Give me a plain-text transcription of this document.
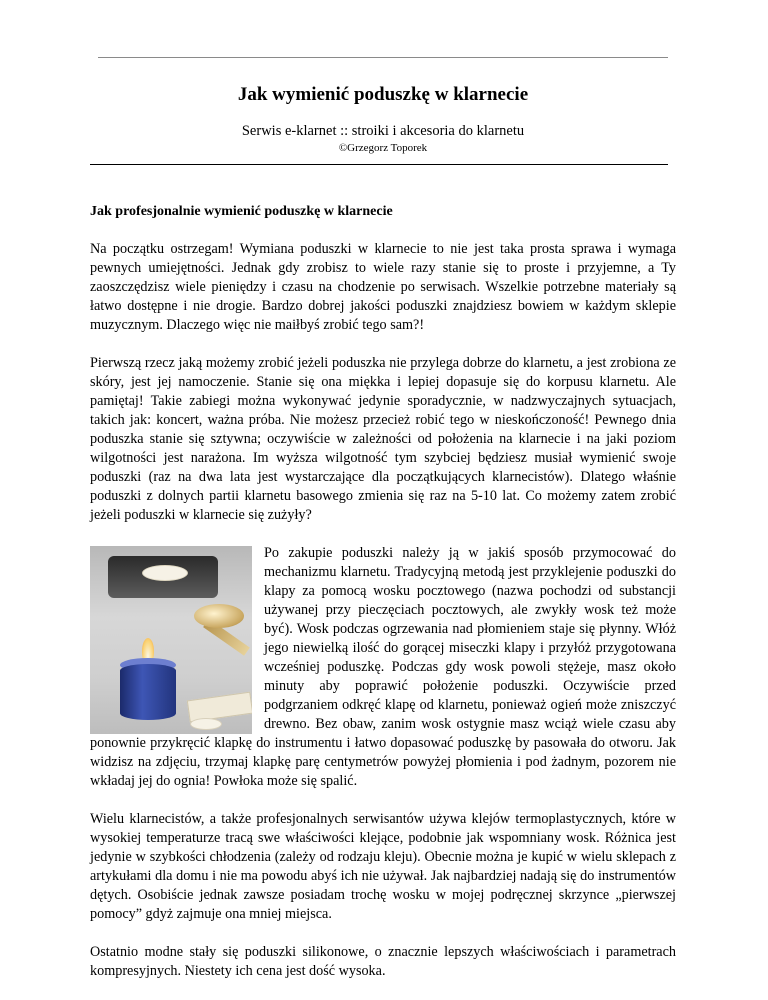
Jak wymienić poduszkę w klarnecie
Serwis e-klarnet :: stroiki i akcesoria do klarnetu
©Grzegorz Toporek

Jak profesjonalnie wymienić poduszkę w klarnecie

Na początku ostrzegam! Wymiana poduszki w klarnecie to nie jest taka prosta sprawa i wymaga pewnych umiejętności. Jednak gdy zrobisz to wiele razy stanie się to proste i przyjemne, a Ty zaoszczędzisz wiele pieniędzy i czasu na chodzenie po serwisach. Wszelkie potrzebne materiały są łatwo dostępne i nie drogie. Bardzo dobrej jakości poduszki znajdziesz bowiem w każdym sklepie muzycznym. Dlaczego więc nie maiłbyś zrobić tego sam?!

Pierwszą rzecz jaką możemy zrobić jeżeli poduszka nie przylega dobrze do klarnetu, a jest zrobiona ze skóry, jest jej namoczenie. Stanie się ona miękka i lepiej dopasuje się do korpusu klarnetu. Ale pamiętaj! Takie zabiegi można wykonywać jedynie sporadycznie, w nadzwyczajnych sytuacjach, takich jak: koncert, ważna próba. Nie możesz przecież robić tego w nieskończoność! Pewnego dnia poduszka stanie się sztywna; oczywiście w zależności od położenia na klarnecie i na jaki poziom wilgotności jest narażona. Im wyższa wilgotność tym szybciej będziesz musiał wymienić swoje poduszki (raz na dwa lata jest wystarczające dla początkujących klarnecistów). Dlatego właśnie poduszki z dolnych partii klarnetu basowego zmienia się raz na 5-10 lat. Co możemy zatem zrobić jeżeli poduszki w klarnecie się zużyły?

Po zakupie poduszki należy ją w jakiś sposób przymocować do mechanizmu klarnetu. Tradycyjną metodą jest przyklejenie poduszki do klapy za pomocą wosku pocztowego (nazwa pochodzi od substancji używanej przy pieczęciach pocztowych, ale zwykły wosk też może być). Wosk podczas ogrzewania nad płomieniem staje się płynny. Włóż jego niewielką ilość do gorącej miseczki klapy i przyłóż przygotowana wcześniej poduszkę. Podczas gdy wosk powoli stężeje, masz około minuty aby poprawić położenie poduszki. Oczywiście przed podgrzaniem odkręć klapę od klarnetu, ponieważ ogień może zniszczyć drewno. Bez obaw, zanim wosk ostygnie masz wciąż wiele czasu aby ponownie przykręcić klapkę do instrumentu i łatwo dopasować poduszkę by pasowała do otworu. Jak widzisz na zdjęciu, trzymaj klapkę parę centymetrów powyżej płomienia i pod żadnym, pozorem nie wkładaj jej do ognia! Powłoka może się spalić.

Wielu klarnecistów, a także profesjonalnych serwisantów używa klejów termoplastycznych, które w wysokiej temperaturze tracą swe właściwości klejące, podobnie jak wspomniany wosk. Różnica jest jedynie w szybkości chłodzenia (zależy od rodzaju kleju). Obecnie można je kupić w wielu sklepach z artykułami dla domu i nie ma powodu abyś ich nie używał. Jak najbardziej nadają się do instrumentów dętych. Osobiście jednak zawsze posiadam trochę wosku w mojej podręcznej skrzynce „pierwszej pomocy” gdyż zajmuje ona mniej miejsca.

Ostatnio modne stały się poduszki silikonowe, o znacznie lepszych właściwościach i parametrach kompresyjnych. Niestety ich cena jest dość wysoka.
